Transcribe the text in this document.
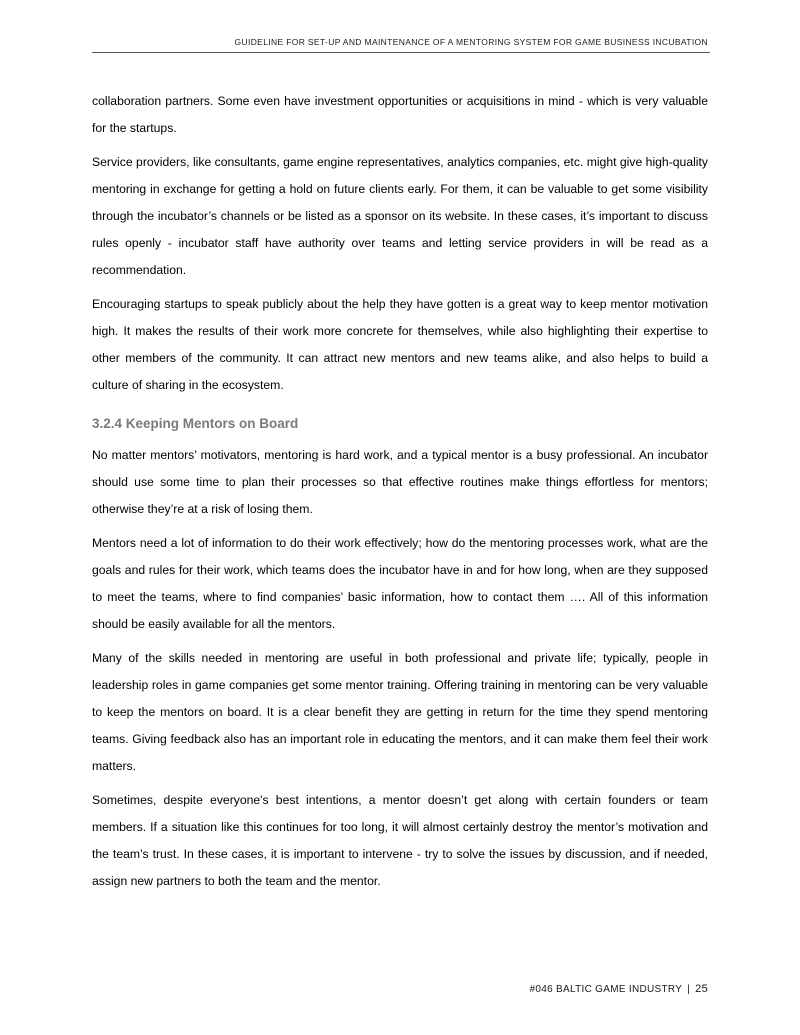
GUIDELINE FOR SET-UP AND MAINTENANCE OF A MENTORING SYSTEM FOR GAME BUSINESS INCUBATION

collaboration partners. Some even have investment opportunities or acquisitions in mind - which is very valuable for the startups.

Service providers, like consultants, game engine representatives, analytics companies, etc. might give high-quality mentoring in exchange for getting a hold on future clients early. For them, it can be valuable to get some visibility through the incubator’s channels or be listed as a sponsor on its website. In these cases, it’s important to discuss rules openly - incubator staff have authority over teams and letting service providers in will be read as a recommendation.

Encouraging startups to speak publicly about the help they have gotten is a great way to keep mentor motivation high. It makes the results of their work more concrete for themselves, while also highlighting their expertise to other members of the community. It can attract new mentors and new teams alike, and also helps to build a culture of sharing in the ecosystem.

3.2.4 Keeping Mentors on Board

No matter mentors’ motivators, mentoring is hard work, and a typical mentor is a busy professional. An incubator should use some time to plan their processes so that effective routines make things effortless for mentors; otherwise they’re at a risk of losing them.

Mentors need a lot of information to do their work effectively; how do the mentoring processes work, what are the goals and rules for their work, which teams does the incubator have in and for how long, when are they supposed to meet the teams, where to find companies’ basic information, how to contact them …. All of this information should be easily available for all the mentors.

Many of the skills needed in mentoring are useful in both professional and private life; typically, people in leadership roles in game companies get some mentor training. Offering training in mentoring can be very valuable to keep the mentors on board. It is a clear benefit they are getting in return for the time they spend mentoring teams. Giving feedback also has an important role in educating the mentors, and it can make them feel their work matters.

Sometimes, despite everyone's best intentions, a mentor doesn’t get along with certain founders or team members. If a situation like this continues for too long, it will almost certainly destroy the mentor’s motivation and the team’s trust. In these cases, it is important to intervene - try to solve the issues by discussion, and if needed, assign new partners to both the team and the mentor.

#046 BALTIC GAME INDUSTRY | 25
